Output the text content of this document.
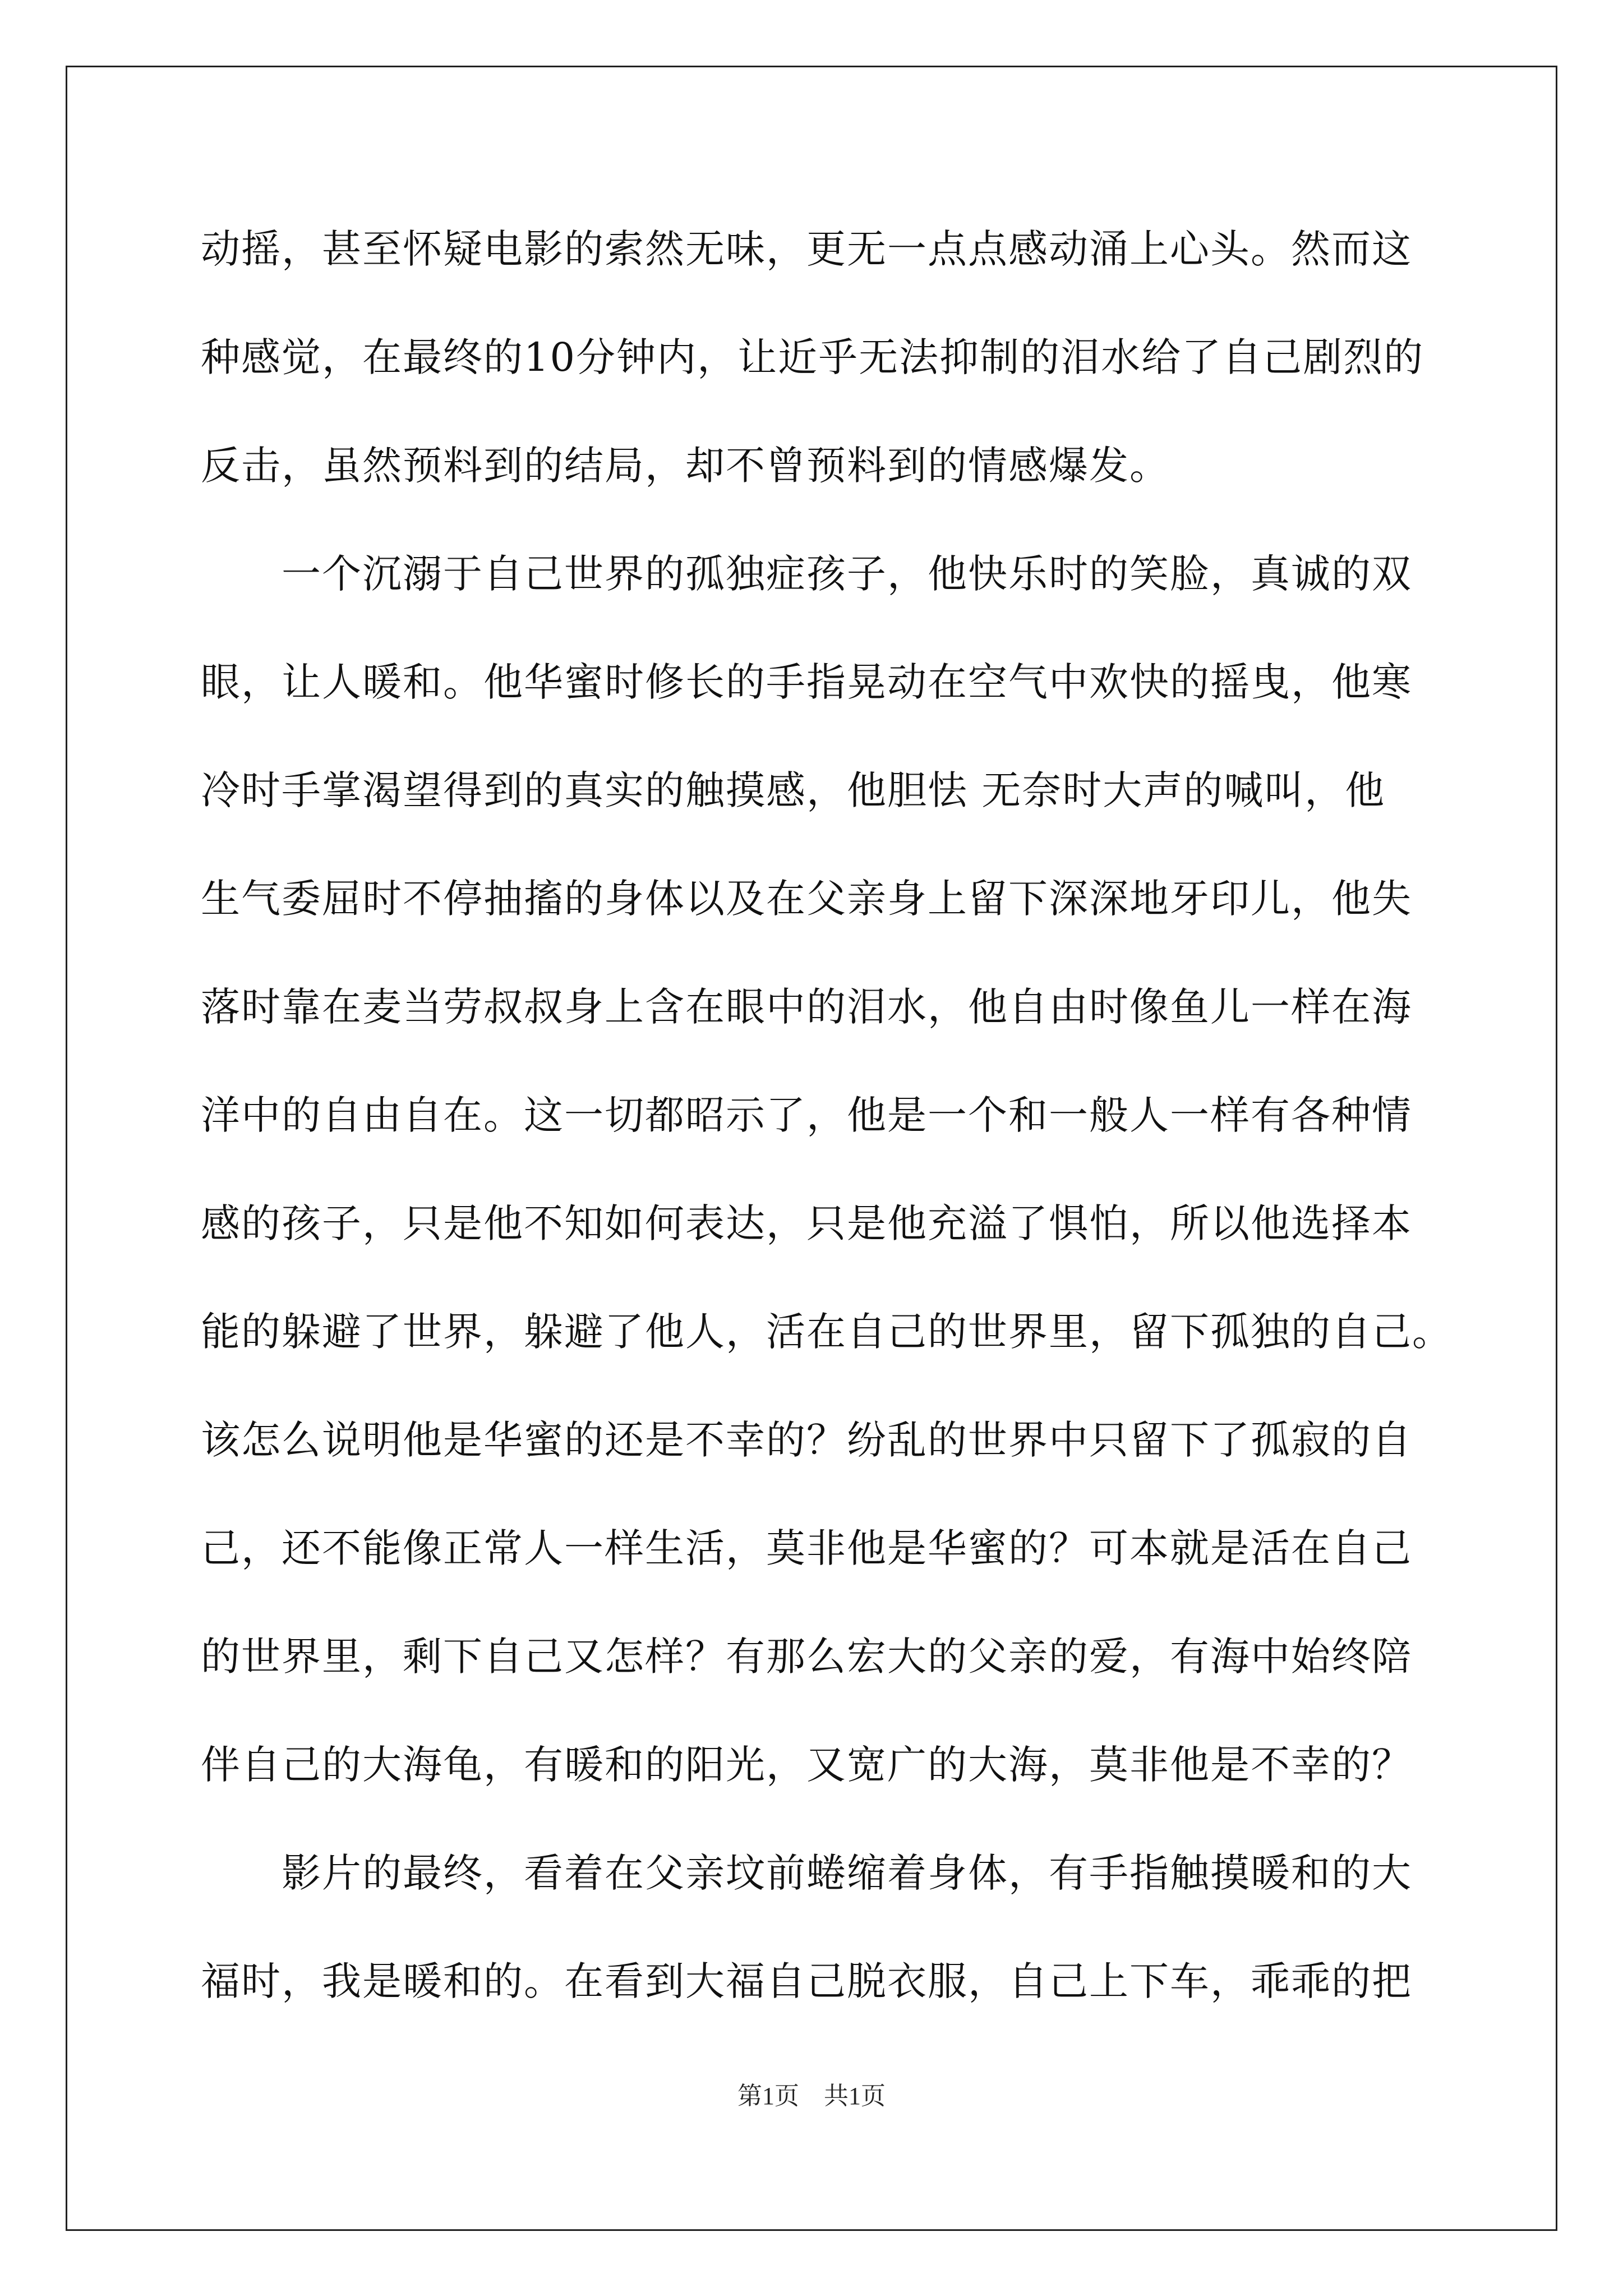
动摇，甚至怀疑电影的索然无味，更无一点点感动涌上心头。然而这
种感觉，在最终的10分钟内，让近乎无法抑制的泪水给了自己剧烈的
反击，虽然预料到的结局，却不曾预料到的情感爆发。
　　一个沉溺于自己世界的孤独症孩子，他快乐时的笑脸，真诚的双
眼，让人暖和。他华蜜时修长的手指晃动在空气中欢快的摇曳，他寒
冷时手掌渴望得到的真实的触摸感，他胆怯 无奈时大声的喊叫，他
生气委屈时不停抽搐的身体以及在父亲身上留下深深地牙印儿，他失
落时靠在麦当劳叔叔身上含在眼中的泪水，他自由时像鱼儿一样在海
洋中的自由自在。这一切都昭示了，他是一个和一般人一样有各种情
感的孩子，只是他不知如何表达，只是他充溢了惧怕，所以他选择本
能的躲避了世界，躲避了他人，活在自己的世界里，留下孤独的自己。
该怎么说明他是华蜜的还是不幸的？纷乱的世界中只留下了孤寂的自
己，还不能像正常人一样生活，莫非他是华蜜的？可本就是活在自己
的世界里，剩下自己又怎样？有那么宏大的父亲的爱，有海中始终陪
伴自己的大海龟，有暖和的阳光，又宽广的大海，莫非他是不幸的？
　　影片的最终，看着在父亲坟前蜷缩着身体，有手指触摸暖和的大
福时，我是暖和的。在看到大福自己脱衣服，自己上下车，乖乖的把
第1页　共1页
